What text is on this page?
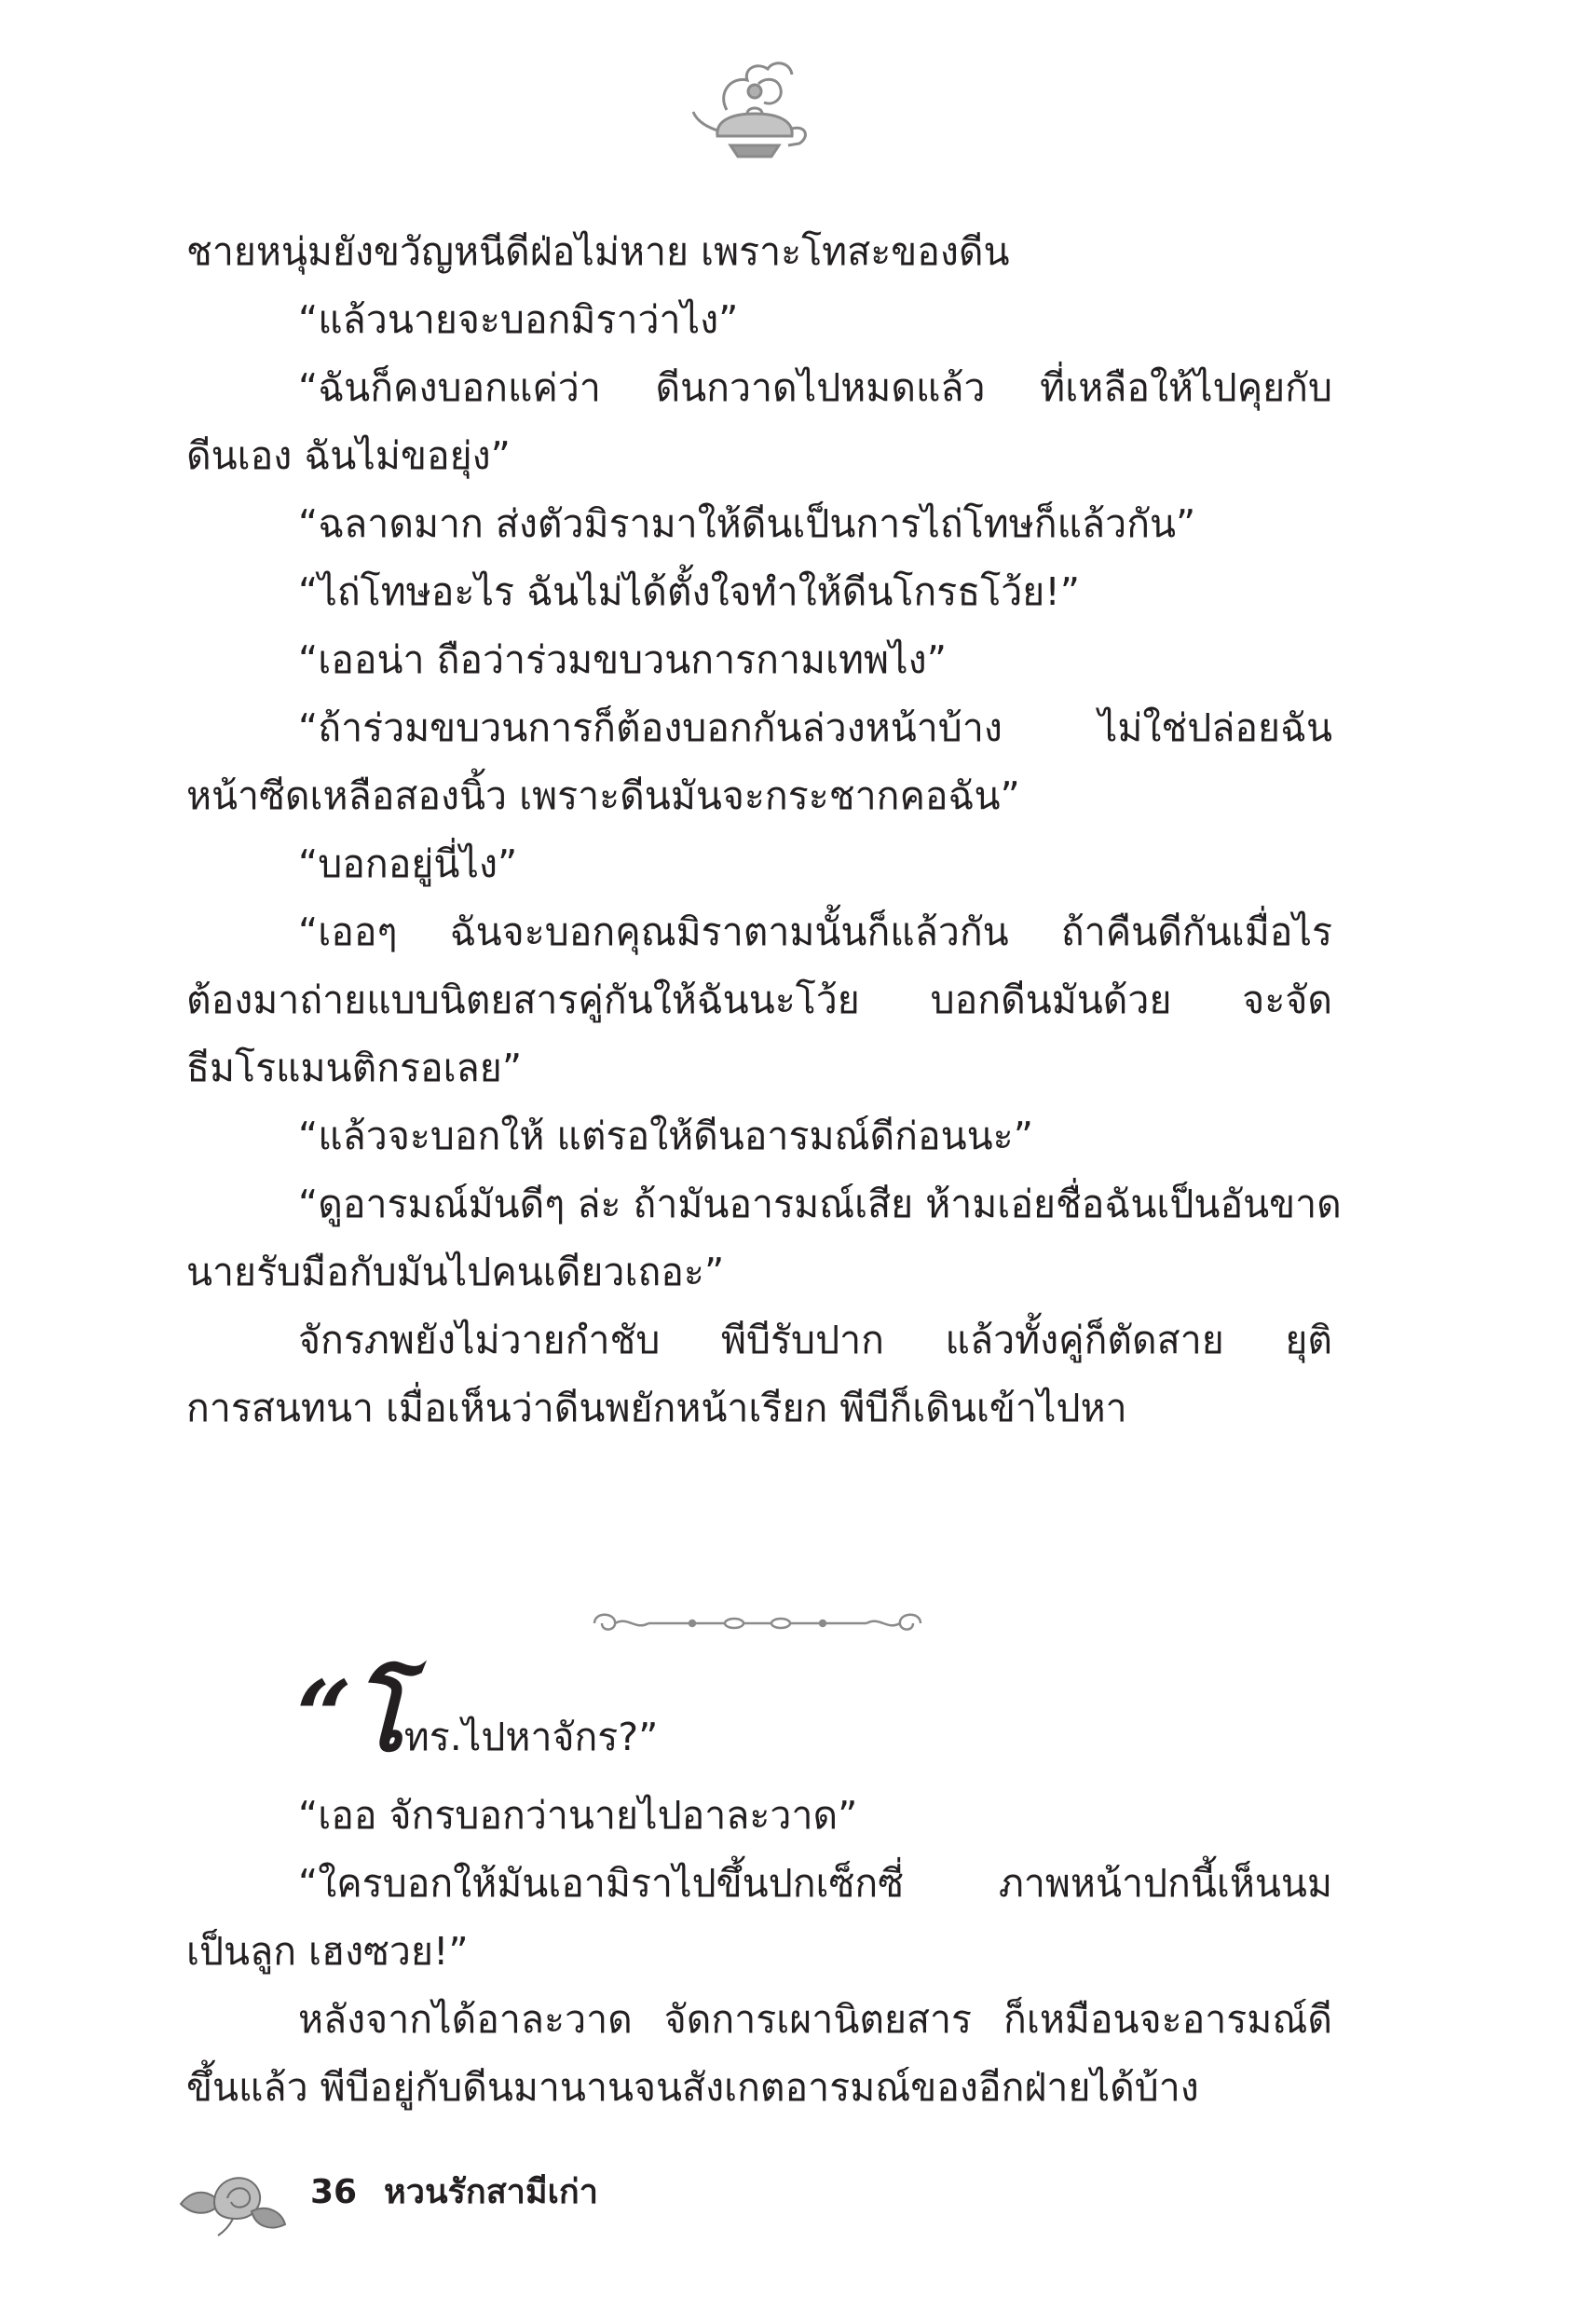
ชายหนุ่มยังขวัญหนีดีฝ่อไม่หาย เพราะโทสะของดีน
“แล้วนายจะบอกมิราว่าไง”
“ฉันก็คงบอกแค่ว่า ดีนกวาดไปหมดแล้ว ที่เหลือให้ไปคุยกับ
ดีนเอง ฉันไม่ขอยุ่ง”
“ฉลาดมาก ส่งตัวมิรามาให้ดีนเป็นการไถ่โทษก็แล้วกัน”
“ไถ่โทษอะไร ฉันไม่ได้ตั้งใจทำให้ดีนโกรธโว้ย!”
“เออน่า ถือว่าร่วมขบวนการกามเทพไง”
“ถ้าร่วมขบวนการก็ต้องบอกกันล่วงหน้าบ้าง ไม่ใช่ปล่อยฉัน
หน้าซีดเหลือสองนิ้ว เพราะดีนมันจะกระชากคอฉัน”
“บอกอยู่นี่ไง”
“เออๆ ฉันจะบอกคุณมิราตามนั้นก็แล้วกัน ถ้าคืนดีกันเมื่อไร
ต้องมาถ่ายแบบนิตยสารคู่กันให้ฉันนะโว้ย บอกดีนมันด้วย จะจัด
ธีมโรแมนติกรอเลย”
“แล้วจะบอกให้ แต่รอให้ดีนอารมณ์ดีก่อนนะ”
“ดูอารมณ์มันดีๆ ล่ะ ถ้ามันอารมณ์เสีย ห้ามเอ่ยชื่อฉันเป็นอันขาด
นายรับมือกับมันไปคนเดียวเถอะ”
จักรภพยังไม่วายกำชับ พีบีรับปาก แล้วทั้งคู่ก็ตัดสาย ยุติ
การสนทนา เมื่อเห็นว่าดีนพยักหน้าเรียก พีบีก็เดินเข้าไปหา
“โทร.ไปหาจักร?”
“เออ จักรบอกว่านายไปอาละวาด”
“ใครบอกให้มันเอามิราไปขึ้นปกเซ็กซี่ ภาพหน้าปกนี้เห็นนม
เป็นลูก เฮงซวย!”
หลังจากได้อาละวาด จัดการเผานิตยสาร ก็เหมือนจะอารมณ์ดี
ขึ้นแล้ว พีบีอยู่กับดีนมานานจนสังเกตอารมณ์ของอีกฝ่ายได้บ้าง
36 หวนรักสามีเก่า
